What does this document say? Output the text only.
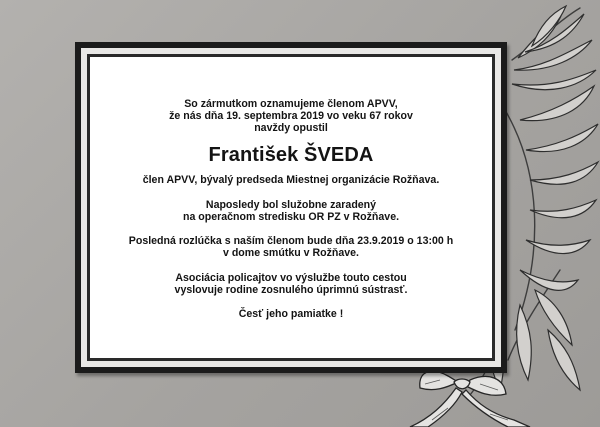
So zármutkom oznamujeme členom APVV,

že nás dňa 19. septembra 2019 vo veku 67 rokov

navždy opustil

František ŠVEDA

člen APVV, bývalý predseda Miestnej organizácie Rožňava.

Naposledy bol služobne zaradený

na operačnom stredisku OR PZ v Rožňave.

Posledná rozlúčka s naším členom bude dňa 23.9.2019 o 13:00 h

v dome smútku v Rožňave.

Asociácia policajtov vo výslužbe touto cestou

vyslovuje rodine zosnulého úprimnú sústrasť.

Česť jeho pamiatke !
